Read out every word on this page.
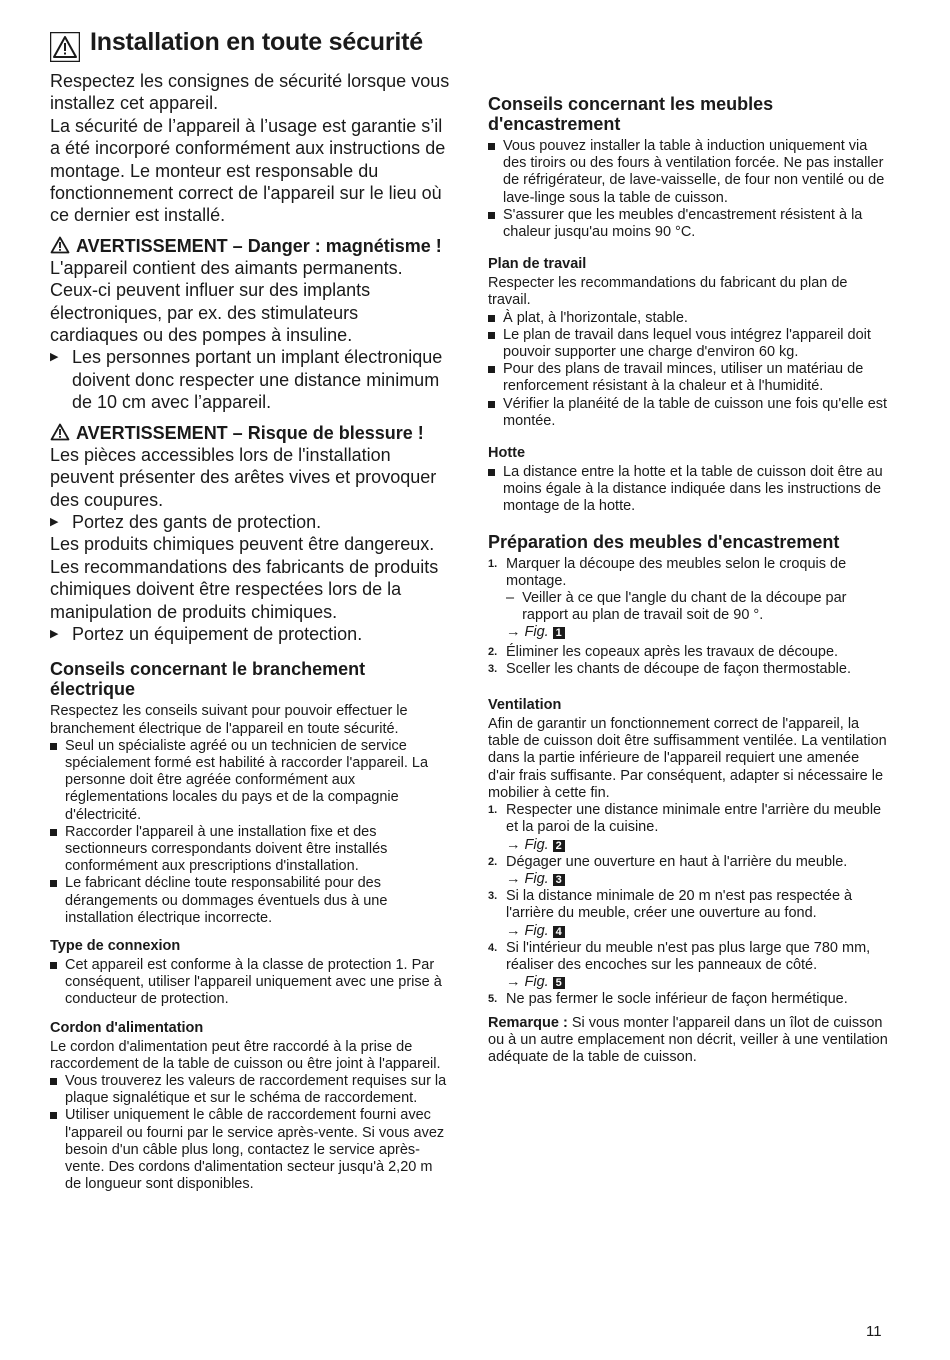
Installation en toute sécurité

Respectez les consignes de sécurité lorsque vous installez cet appareil.

La sécurité de l’appareil à l’usage est garantie s’il a été incorporé conformément aux instructions de montage. Le monteur est responsable du fonctionnement correct de l'appareil sur le lieu où ce dernier est installé.

AVERTISSEMENT – Danger : magnétisme !

L'appareil contient des aimants permanents. Ceux-ci peuvent influer sur des implants électroniques, par ex. des stimulateurs cardiaques ou des pompes à insuline.

▶ Les personnes portant un implant électronique doivent donc respecter une distance minimum de 10 cm avec l’appareil.
AVERTISSEMENT – Risque de blessure !

Les pièces accessibles lors de l'installation peuvent présenter des arêtes vives et provoquer des coupures.

▶ Portez des gants de protection.

Les produits chimiques peuvent être dangereux. Les recommandations des fabricants de produits chimiques doivent être respectées lors de la manipulation de produits chimiques.

▶ Portez un équipement de protection.
Conseils concernant le branchement électrique

Respectez les conseils suivant pour pouvoir effectuer le branchement électrique de l'appareil en toute sécurité.

Seul un spécialiste agréé ou un technicien de service spécialement formé est habilité à raccorder l'appareil. La personne doit être agréée conformément aux réglementations locales du pays et de la compagnie d'électricité.
Raccorder l'appareil à une installation fixe et des sectionneurs correspondants doivent être installés conformément aux prescriptions d'installation.
Le fabricant décline toute responsabilité pour des dérangements ou dommages éventuels dus à une installation électrique incorrecte.
Type de connexion
Cet appareil est conforme à la classe de protection 1. Par conséquent, utiliser l'appareil uniquement avec une prise à conducteur de protection.
Cordon d'alimentation

Le cordon d'alimentation peut être raccordé à la prise de raccordement de la table de cuisson ou être joint à l'appareil.

Vous trouverez les valeurs de raccordement requises sur la plaque signalétique et sur le schéma de raccordement.
Utiliser uniquement le câble de raccordement fourni avec l'appareil ou fourni par le service après-vente. Si vous avez besoin d'un câble plus long, contactez le service après-vente. Des cordons d'alimentation secteur jusqu'à 2,20 m de longueur sont disponibles.
Conseils concernant les meubles d'encastrement
Vous pouvez installer la table à induction uniquement via des tiroirs ou des fours à ventilation forcée. Ne pas installer de réfrigérateur, de lave-vaisselle, de four non ventilé ou de lave-linge sous la table de cuisson.
S'assurer que les meubles d'encastrement résistent à la chaleur jusqu'au moins 90 °C.
Plan de travail

Respecter les recommandations du fabricant du plan de travail.

À plat, à l'horizontale, stable.
Le plan de travail dans lequel vous intégrez l'appareil doit pouvoir supporter une charge d'environ 60 kg.
Pour des plans de travail minces, utiliser un matériau de renforcement résistant à la chaleur et à l'humidité.
Vérifier la planéité de la table de cuisson une fois qu'elle est montée.
Hotte
La distance entre la hotte et la table de cuisson doit être au moins égale à la distance indiquée dans les instructions de montage de la hotte.
Préparation des meubles d'encastrement
1. Marquer la découpe des meubles selon le croquis de montage.
– Veiller à ce que l'angle du chant de la découpe par rapport au plan de travail soit de 90 °.
→ Fig. 1
2. Éliminer les copeaux après les travaux de découpe.
3. Sceller les chants de découpe de façon thermostable.
Ventilation

Afin de garantir un fonctionnement correct de l'appareil, la table de cuisson doit être suffisamment ventilée. La ventilation dans la partie inférieure de l'appareil requiert une amenée d'air frais suffisante. Par conséquent, adapter si nécessaire le mobilier à cette fin.

1. Respecter une distance minimale entre l'arrière du meuble et la paroi de la cuisine.
→ Fig. 2
2. Dégager une ouverture en haut à l'arrière du meuble.
→ Fig. 3
3. Si la distance minimale de 20 m n'est pas respectée à l'arrière du meuble, créer une ouverture au fond.
→ Fig. 4
4. Si l'intérieur du meuble n'est pas plus large que 780 mm, réaliser des encoches sur les panneaux de côté.
→ Fig. 5
5. Ne pas fermer le socle inférieur de façon hermétique.

Remarque : Si vous monter l'appareil dans un îlot de cuisson ou à un autre emplacement non décrit, veiller à une ventilation adéquate de la table de cuisson.

11
